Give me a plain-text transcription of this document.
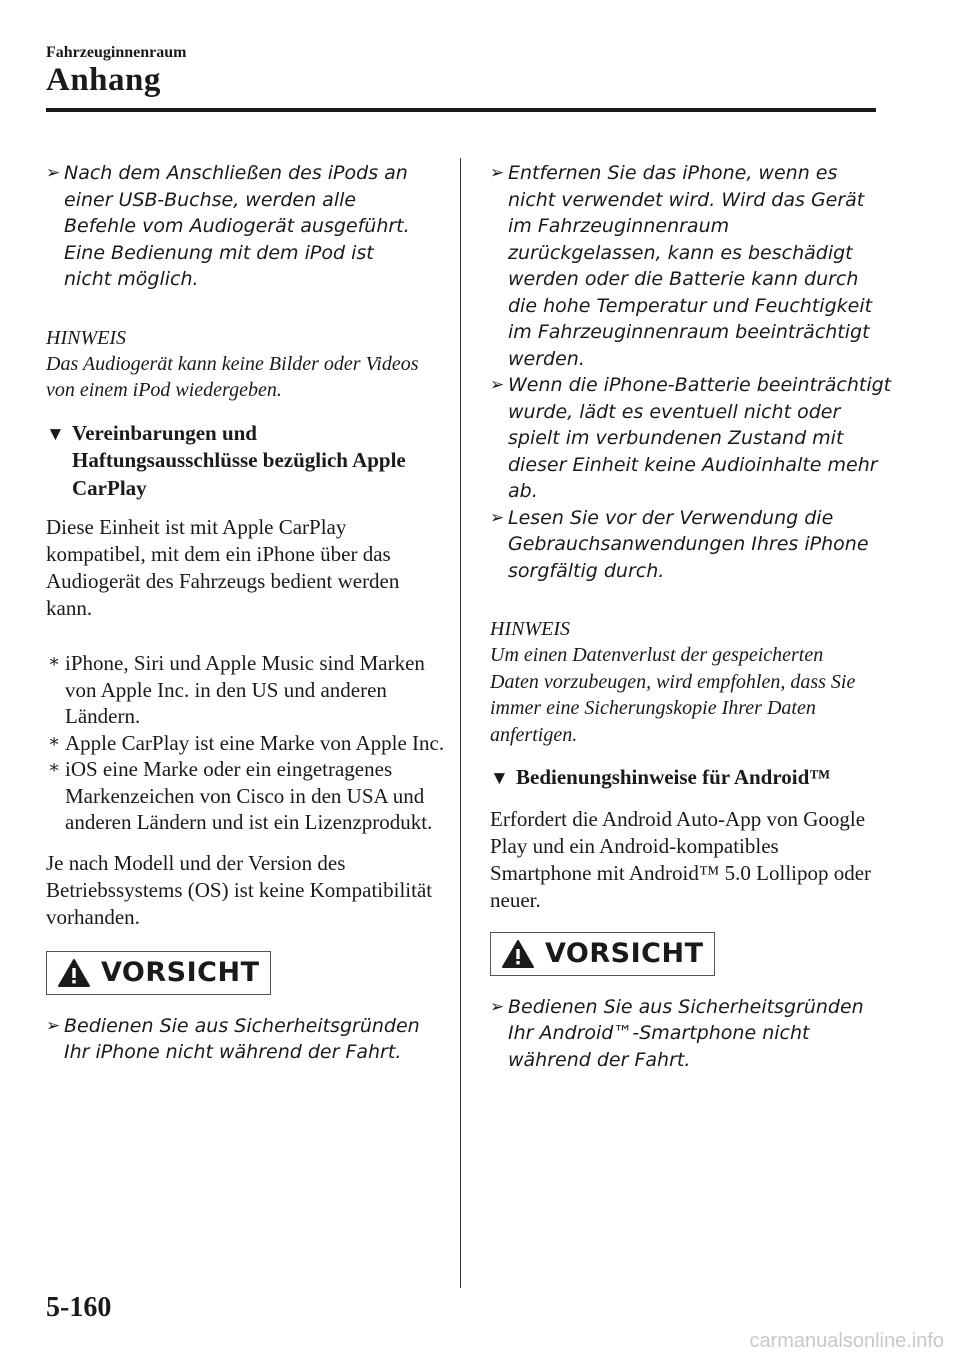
Fahrzeuginnenraum
Anhang

➢ Nach dem Anschließen des iPods an einer USB-Buchse, werden alle Befehle vom Audiogerät ausgeführt. Eine Bedienung mit dem iPod ist nicht möglich.

HINWEIS
Das Audiogerät kann keine Bilder oder Videos von einem iPod wiedergeben.
▼ Vereinbarungen und Haftungsausschlüsse bezüglich Apple CarPlay
Diese Einheit ist mit Apple CarPlay kompatibel, mit dem ein iPhone über das Audiogerät des Fahrzeugs bedient werden kann.
∗ iPhone, Siri und Apple Music sind Marken von Apple Inc. in den US und anderen Ländern.
∗ Apple CarPlay ist eine Marke von Apple Inc.
∗ iOS eine Marke oder ein eingetragenes Markenzeichen von Cisco in den USA und anderen Ländern und ist ein Lizenzprodukt.
Je nach Modell und der Version des Betriebssystems (OS) ist keine Kompatibilität vorhanden.
VORSICHT

➢ Bedienen Sie aus Sicherheitsgründen Ihr iPhone nicht während der Fahrt.

➢ Entfernen Sie das iPhone, wenn es nicht verwendet wird. Wird das Gerät im Fahrzeuginnenraum zurückgelassen, kann es beschädigt werden oder die Batterie kann durch die hohe Temperatur und Feuchtigkeit im Fahrzeuginnenraum beeinträchtigt werden.

➢ Wenn die iPhone-Batterie beeinträchtigt wurde, lädt es eventuell nicht oder spielt im verbundenen Zustand mit dieser Einheit keine Audioinhalte mehr ab.

➢ Lesen Sie vor der Verwendung die Gebrauchsanwendungen Ihres iPhone sorgfältig durch.

HINWEIS
Um einen Datenverlust der gespeicherten Daten vorzubeugen, wird empfohlen, dass Sie immer eine Sicherungskopie Ihrer Daten anfertigen.
▼ Bedienungshinweise für Android™
Erfordert die Android Auto-App von Google Play und ein Android-kompatibles Smartphone mit Android™ 5.0 Lollipop oder neuer.
VORSICHT

➢ Bedienen Sie aus Sicherheitsgründen Ihr Android™-Smartphone nicht während der Fahrt.

5-160
carmanualsonline.info
